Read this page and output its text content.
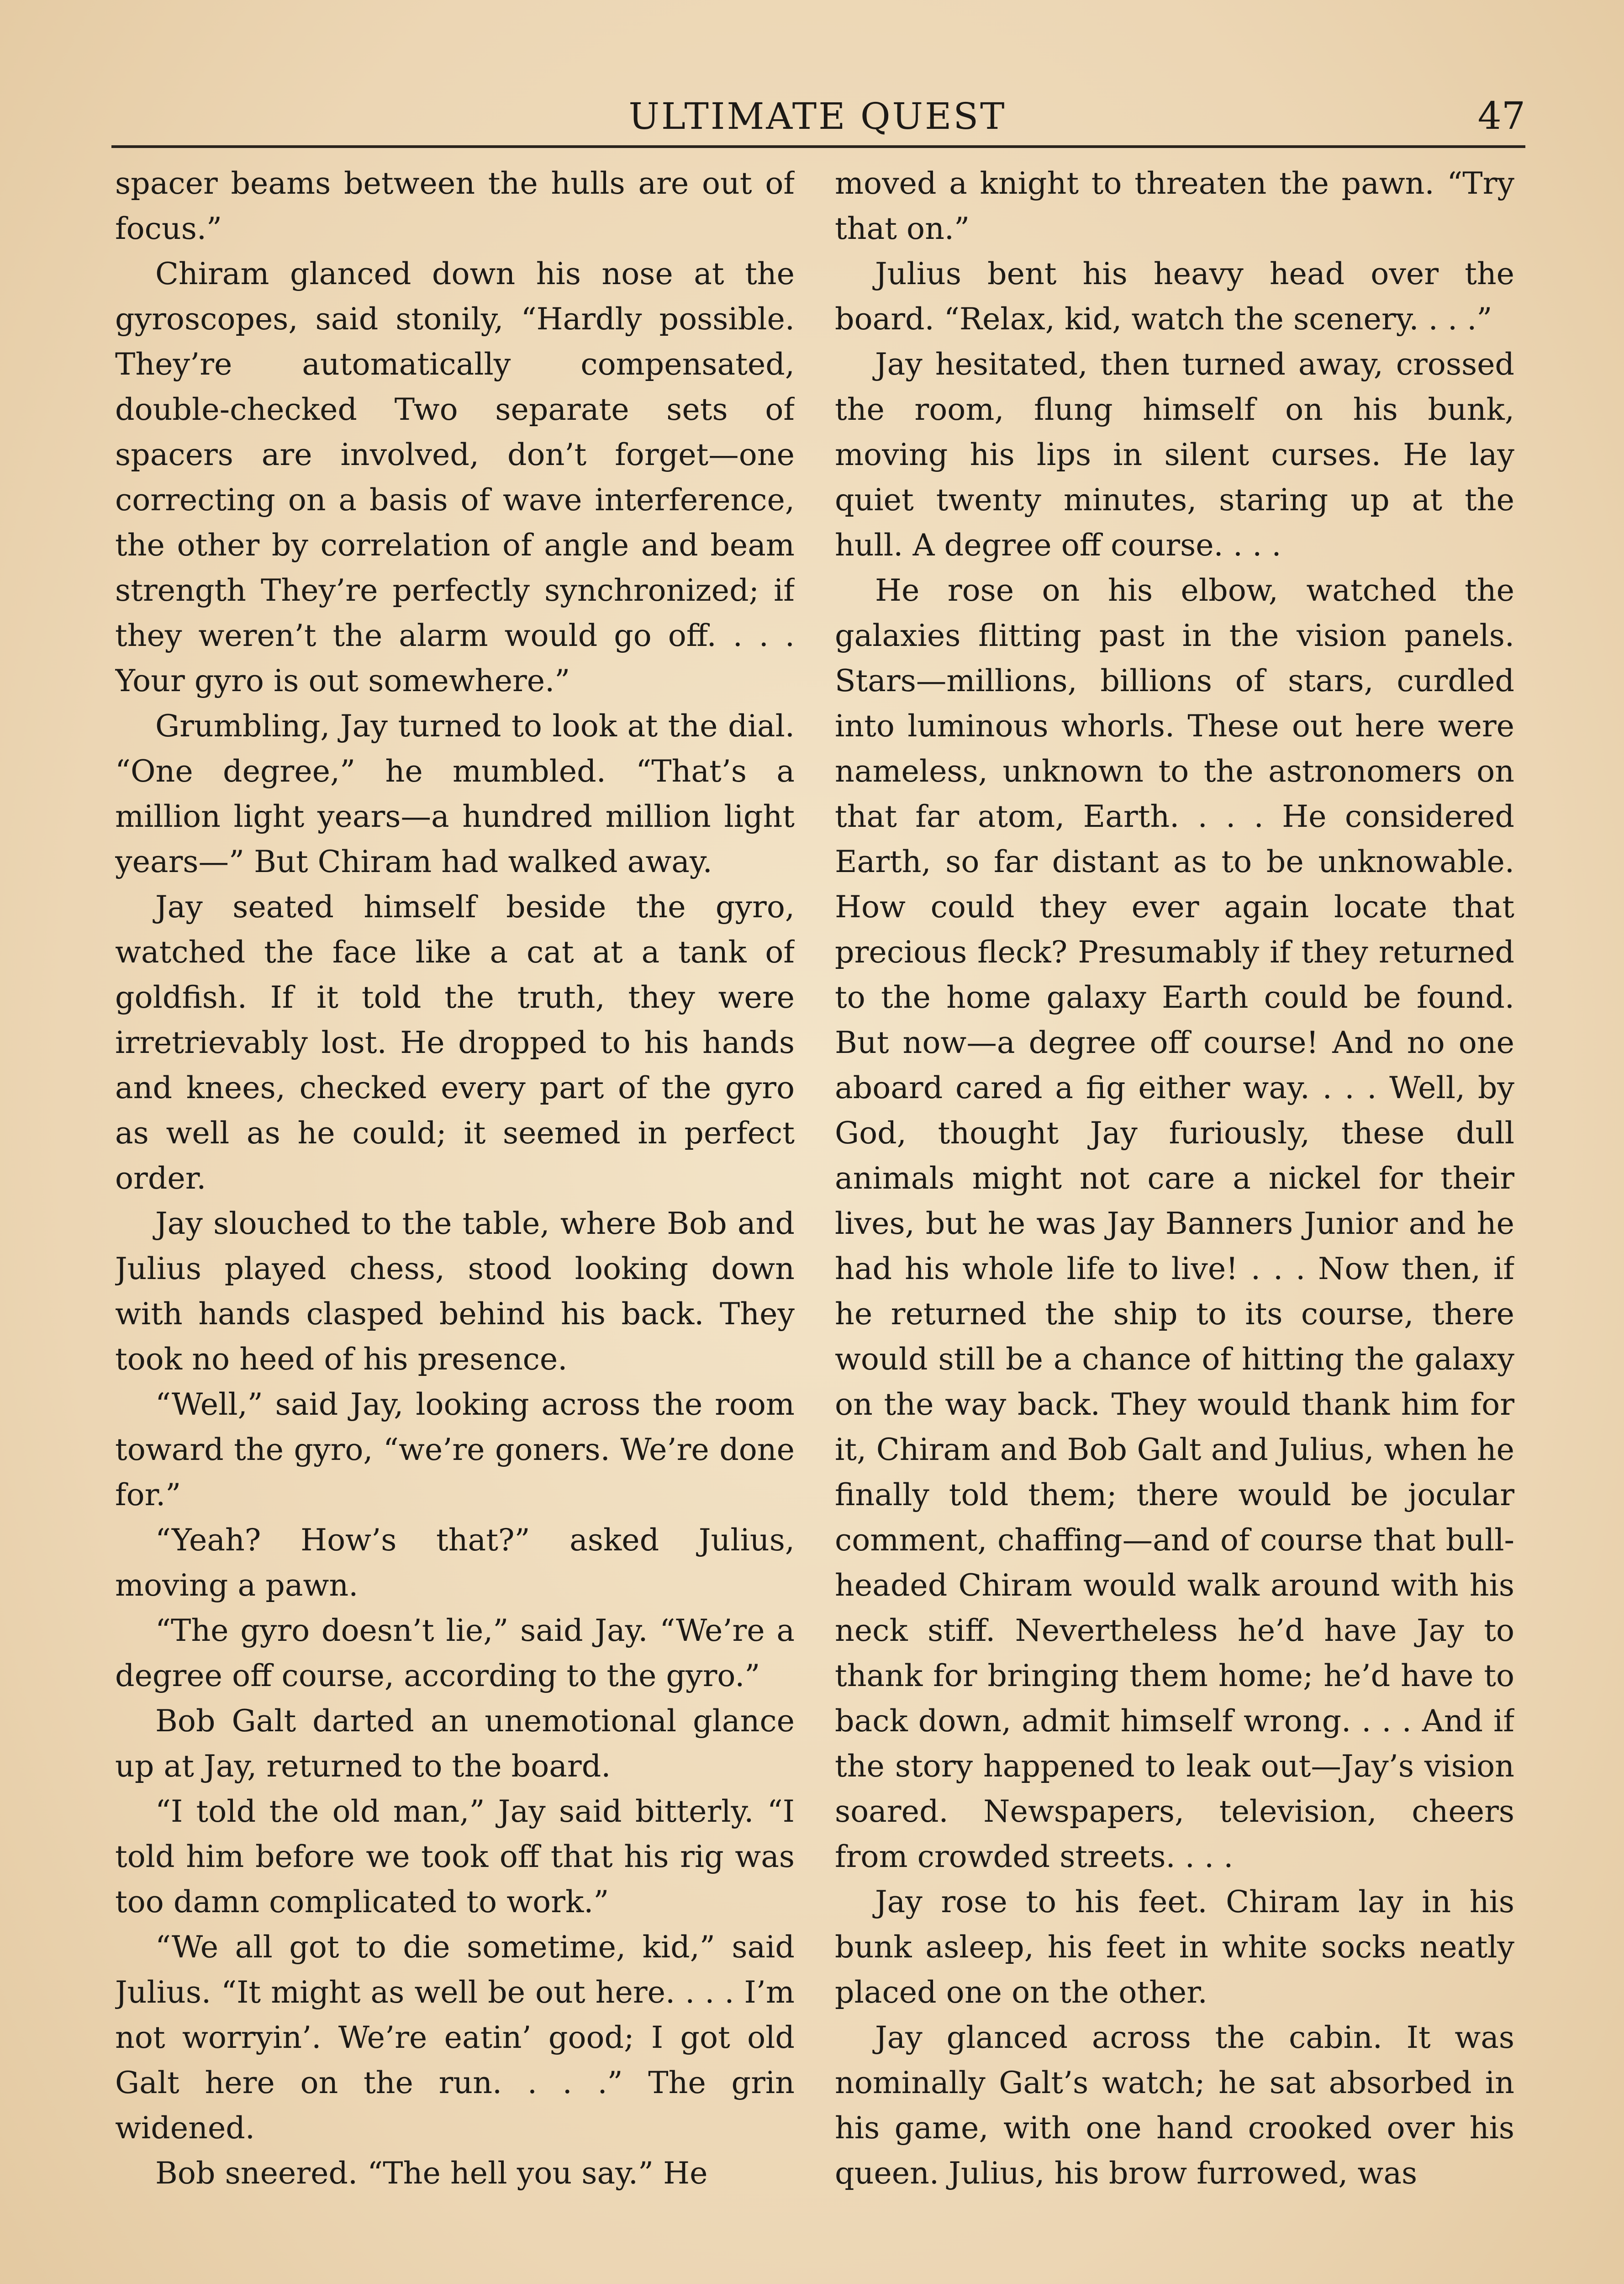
ULTIMATE QUEST	47

spacer beams between the hulls are out of focus.”

Chiram glanced down his nose at the gyroscopes, said stonily, “Hardly possible. They’re automatically compensated, double-checked Two separate sets of spacers are involved, don’t forget—one correcting on a basis of wave interference, the other by correlation of angle and beam strength They’re perfectly synchronized; if they weren’t the alarm would go off. . . . Your gyro is out somewhere.”

Grumbling, Jay turned to look at the dial. “One degree,” he mumbled. “That’s a million light years—a hundred million light years—” But Chiram had walked away.

Jay seated himself beside the gyro, watched the face like a cat at a tank of goldfish. If it told the truth, they were irretrievably lost. He dropped to his hands and knees, checked every part of the gyro as well as he could; it seemed in perfect order.

Jay slouched to the table, where Bob and Julius played chess, stood looking down with hands clasped behind his back. They took no heed of his presence.

“Well,” said Jay, looking across the room toward the gyro, “we’re goners. We’re done for.”

“Yeah? How’s that?” asked Julius, moving a pawn.

“The gyro doesn’t lie,” said Jay. “We’re a degree off course, according to the gyro.”

Bob Galt darted an unemotional glance up at Jay, returned to the board.

“I told the old man,” Jay said bitterly. “I told him before we took off that his rig was too damn complicated to work.”

“We all got to die sometime, kid,” said Julius. “It might as well be out here. . . . I’m not worryin’. We’re eatin’ good; I got old Galt here on the run. . . .” The grin widened.

Bob sneered. “The hell you say.” He

moved a knight to threaten the pawn. “Try that on.”

Julius bent his heavy head over the board. “Relax, kid, watch the scenery. . . .”

Jay hesitated, then turned away, crossed the room, flung himself on his bunk, moving his lips in silent curses. He lay quiet twenty minutes, staring up at the hull. A degree off course. . . .

He rose on his elbow, watched the galaxies flitting past in the vision panels. Stars—millions, billions of stars, curdled into luminous whorls. These out here were nameless, unknown to the astronomers on that far atom, Earth. . . . He considered Earth, so far distant as to be unknowable. How could they ever again locate that precious fleck? Presumably if they returned to the home galaxy Earth could be found. But now—a degree off course! And no one aboard cared a fig either way. . . . Well, by God, thought Jay furiously, these dull animals might not care a nickel for their lives, but he was Jay Banners Junior and he had his whole life to live! . . . Now then, if he returned the ship to its course, there would still be a chance of hitting the galaxy on the way back. They would thank him for it, Chiram and Bob Galt and Julius, when he finally told them; there would be jocular comment, chaffing—and of course that bull-headed Chiram would walk around with his neck stiff. Nevertheless he’d have Jay to thank for bringing them home; he’d have to back down, admit himself wrong. . . . And if the story happened to leak out—Jay’s vision soared. Newspapers, television, cheers from crowded streets. . . .

Jay rose to his feet. Chiram lay in his bunk asleep, his feet in white socks neatly placed one on the other.

Jay glanced across the cabin. It was nominally Galt’s watch; he sat absorbed in his game, with one hand crooked over his queen. Julius, his brow furrowed, was
